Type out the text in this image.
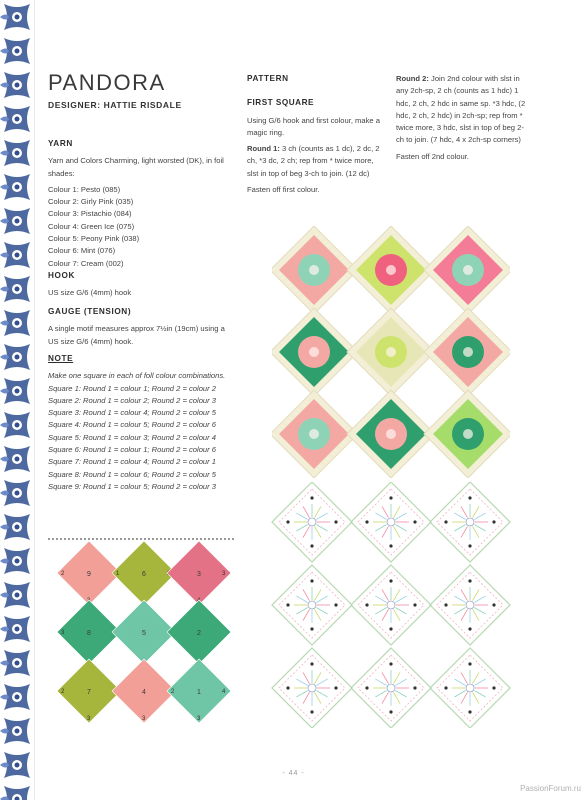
PANDORA
DESIGNER: HATTIE RISDALE
YARN
Yarn and Colors Charming, light worsted (DK), in foil shades:
Colour 1: Pesto (085)
Colour 2: Girly Pink (035)
Colour 3: Pistachio (084)
Colour 4: Green Ice (075)
Colour 5: Peony Pink (038)
Colour 6: Mint (076)
Colour 7: Cream (002)
HOOK
US size G/6 (4mm) hook
GAUGE (TENSION)
A single motif measures approx 7½in (19cm) using a US size G/6 (4mm) hook.
NOTE
Make one square in each of foll colour combinations.
Square 1: Round 1 = colour 1; Round 2 = colour 2
Square 2: Round 1 = colour 2; Round 2 = colour 3
Square 3: Round 1 = colour 4; Round 2 = colour 5
Square 4: Round 1 = colour 5; Round 2 = colour 6
Square 5: Round 1 = colour 3; Round 2 = colour 4
Square 6: Round 1 = colour 1; Round 2 = colour 6
Square 7: Round 1 = colour 4; Round 2 = colour 1
Square 8: Round 1 = colour 6; Round 2 = colour 5
Square 9: Round 1 = colour 5; Round 2 = colour 3
PATTERN
FIRST SQUARE
Using G/6 hook and first colour, make a magic ring.
Round 1: 3 ch (counts as 1 dc), 2 dc, 2 ch, *3 dc, 2 ch; rep from * twice more, slst in top of beg 3-ch to join. (12 dc)
Fasten off first colour.
Round 2: Join 2nd colour with slst in any 2ch-sp, 2 ch (counts as 1 hdc) 1 hdc, 2 ch, 2 hdc in same sp. *3 hdc, (2 hdc, 2 ch, 2 hdc) in 2ch-sp; rep from * twice more, 3 hdc, slst in top of beg 2-ch to join. (7 hdc, 4 x 2ch-sp corners)
Fasten off 2nd colour.
9
2	6
1	3	3
8
3	5	2
7
2
3
4
3
1
2	4
3
- 44 -
PassionForum.ru
